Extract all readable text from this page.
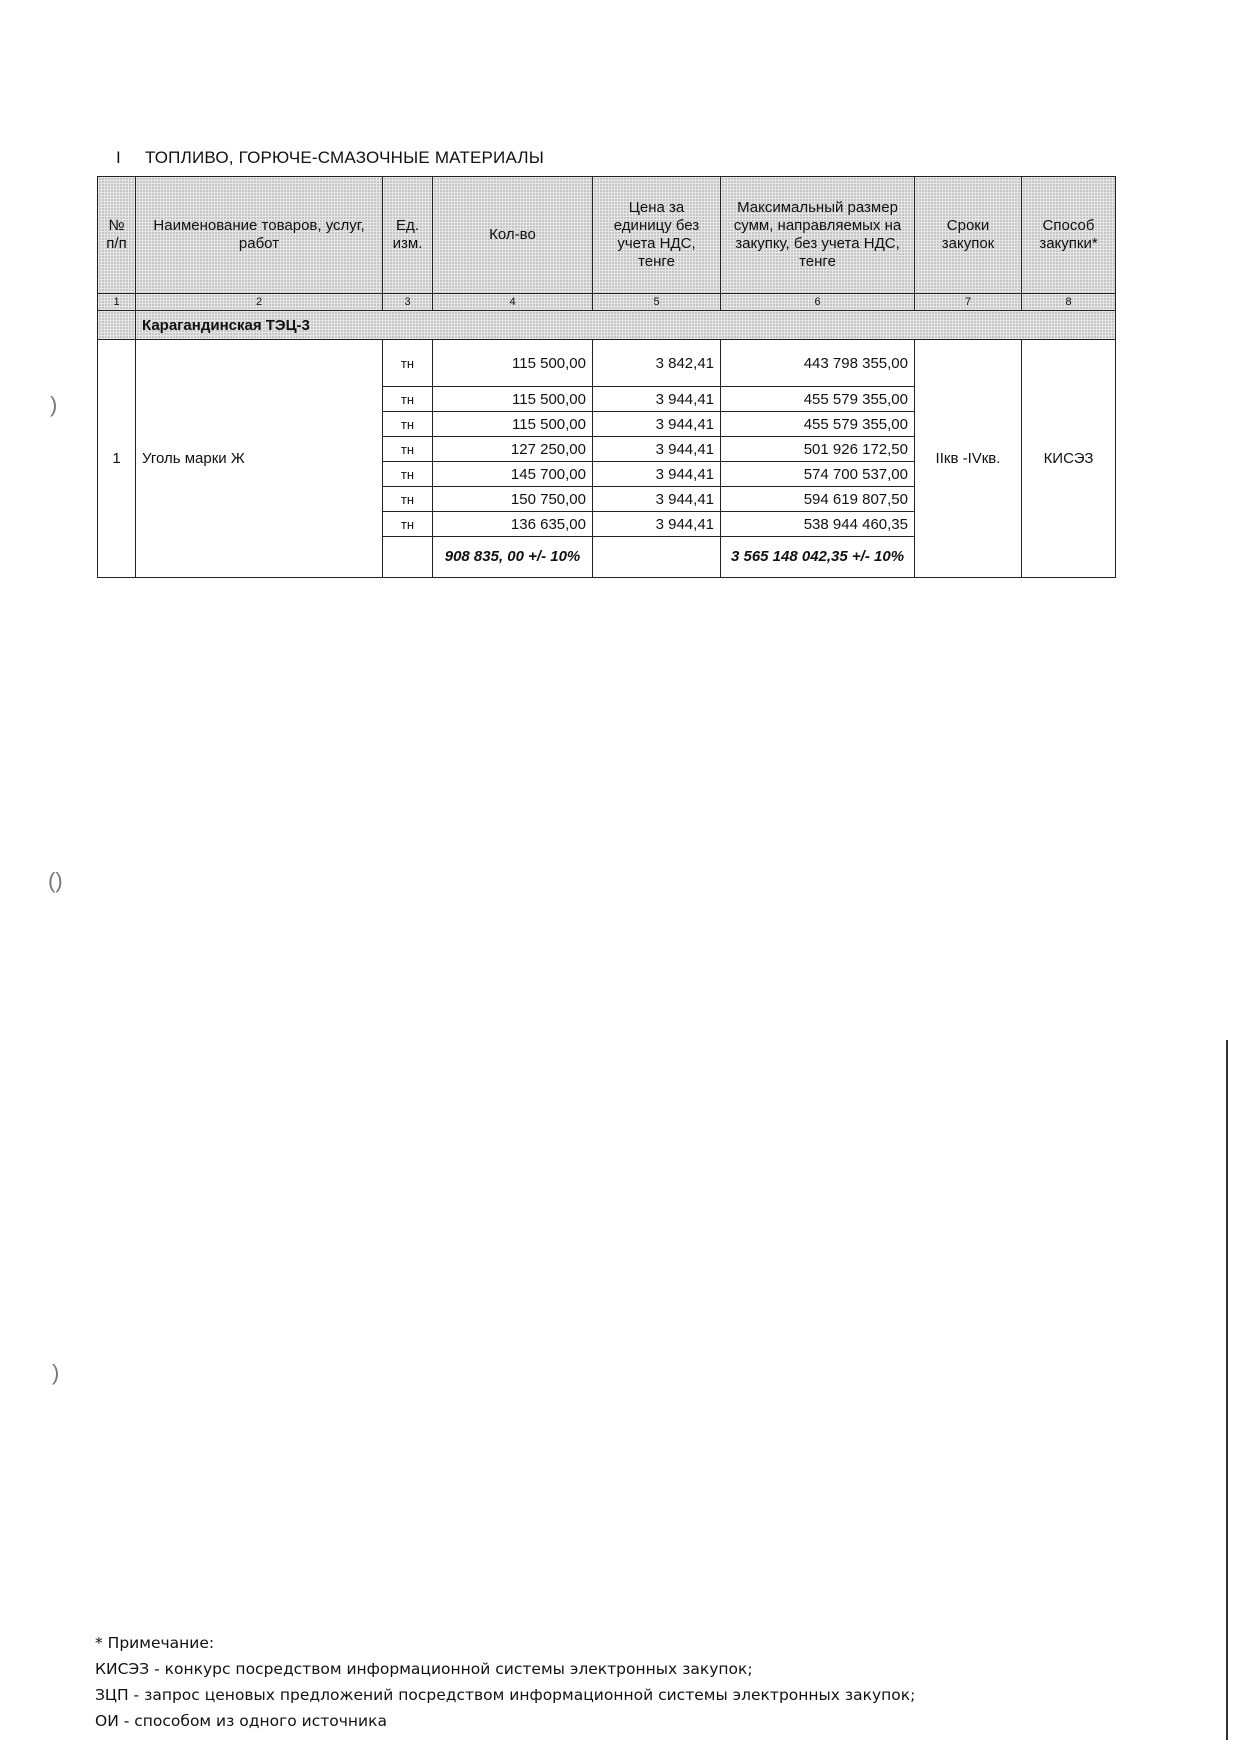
I ТОПЛИВО, ГОРЮЧЕ-СМАЗОЧНЫЕ МАТЕРИАЛЫ
№ п/п	Наименование товаров, услуг, работ	Ед. изм.	Кол-во	Цена за единицу без учета НДС, тенге	Максимальный размер сумм, направляемых на закупку, без учета НДС, тенге	Сроки закупок	Способ закупки*
1	2	3	4	5	6	7	8
	Карагандинская ТЭЦ-3						
1	Уголь марки Ж	тн	115 500,00	3 842,41	443 798 355,00	IIкв -IVкв.	КИСЭЗ
		тн	115 500,00	3 944,41	455 579 355,00		
		тн	115 500,00	3 944,41	455 579 355,00		
		тн	127 250,00	3 944,41	501 926 172,50		
		тн	145 700,00	3 944,41	574 700 537,00		
		тн	150 750,00	3 944,41	594 619 807,50		
		тн	136 635,00	3 944,41	538 944 460,35		
			908 835, 00 +/- 10%		3 565 148 042,35 +/- 10%		
* Примечание:
КИСЭЗ - конкурс посредством информационной системы электронных закупок;
ЗЦП - запрос ценовых предложений посредством информационной системы электронных закупок;
ОИ - способом из одного источника
)
()
)
